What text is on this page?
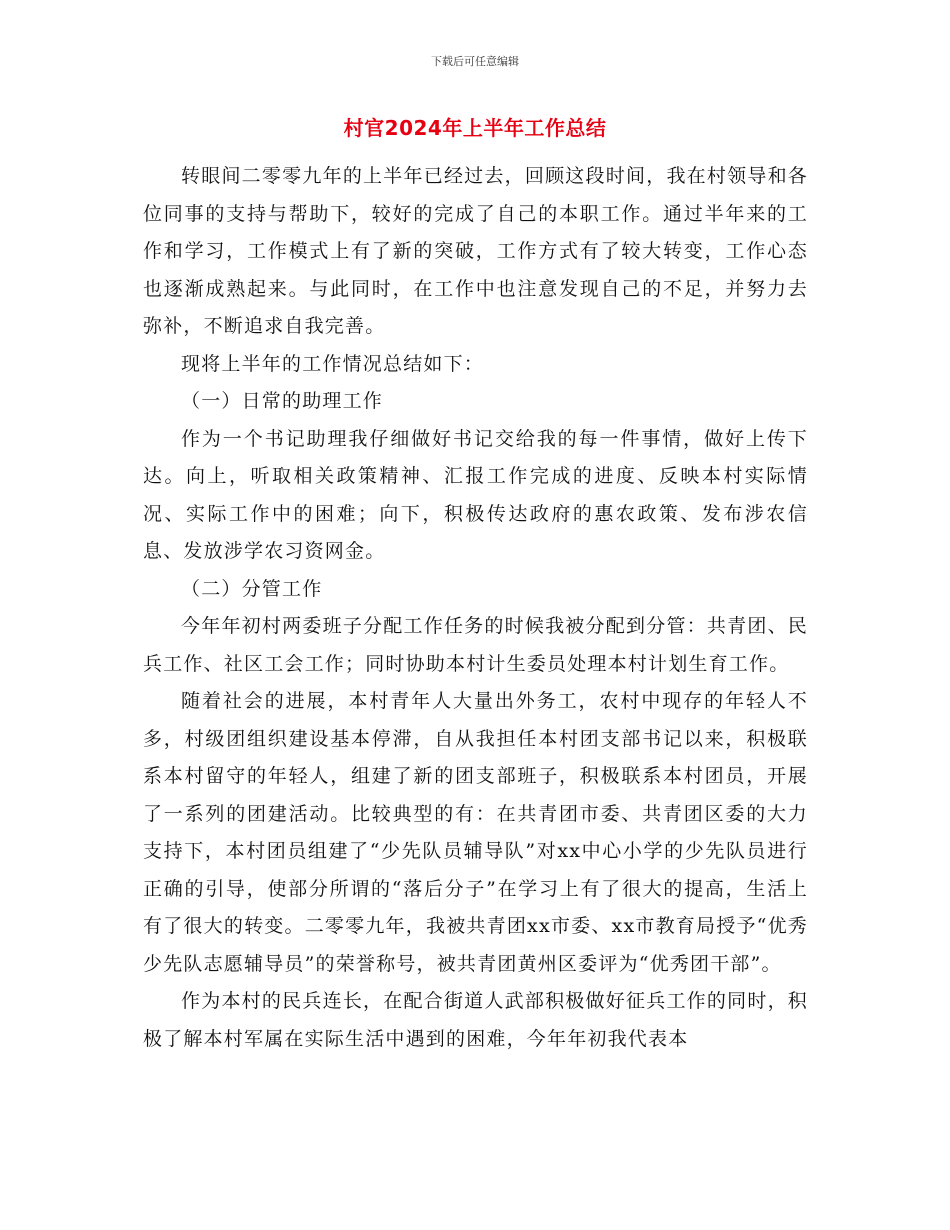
下载后可任意编辑
村官2024年上半年工作总结

转眼间二零零九年的上半年已经过去，回顾这段时间，我在村领导和各位同事的支持与帮助下，较好的完成了自己的本职工作。通过半年来的工作和学习，工作模式上有了新的突破，工作方式有了较大转变，工作心态也逐渐成熟起来。与此同时，在工作中也注意发现自己的不足，并努力去弥补，不断追求自我完善。

现将上半年的工作情况总结如下：

（一）日常的助理工作

作为一个书记助理我仔细做好书记交给我的每一件事情，做好上传下达。向上，听取相关政策精神、汇报工作完成的进度、反映本村实际情况、实际工作中的困难；向下，积极传达政府的惠农政策、发布涉农信息、发放涉学农习资网金。

（二）分管工作

今年年初村两委班子分配工作任务的时候我被分配到分管：共青团、民兵工作、社区工会工作；同时协助本村计生委员处理本村计划生育工作。

随着社会的进展，本村青年人大量出外务工，农村中现存的年轻人不多，村级团组织建设基本停滞，自从我担任本村团支部书记以来，积极联系本村留守的年轻人，组建了新的团支部班子，积极联系本村团员，开展了一系列的团建活动。比较典型的有：在共青团市委、共青团区委的大力支持下，本村团员组建了“少先队员辅导队”对xx中心小学的少先队员进行正确的引导，使部分所谓的“落后分子”在学习上有了很大的提高，生活上有了很大的转变。二零零九年，我被共青团xx市委、xx市教育局授予“优秀少先队志愿辅导员”的荣誉称号，被共青团黄州区委评为“优秀团干部”。

作为本村的民兵连长，在配合街道人武部积极做好征兵工作的同时，积极了解本村军属在实际生活中遇到的困难，今年年初我代表本
